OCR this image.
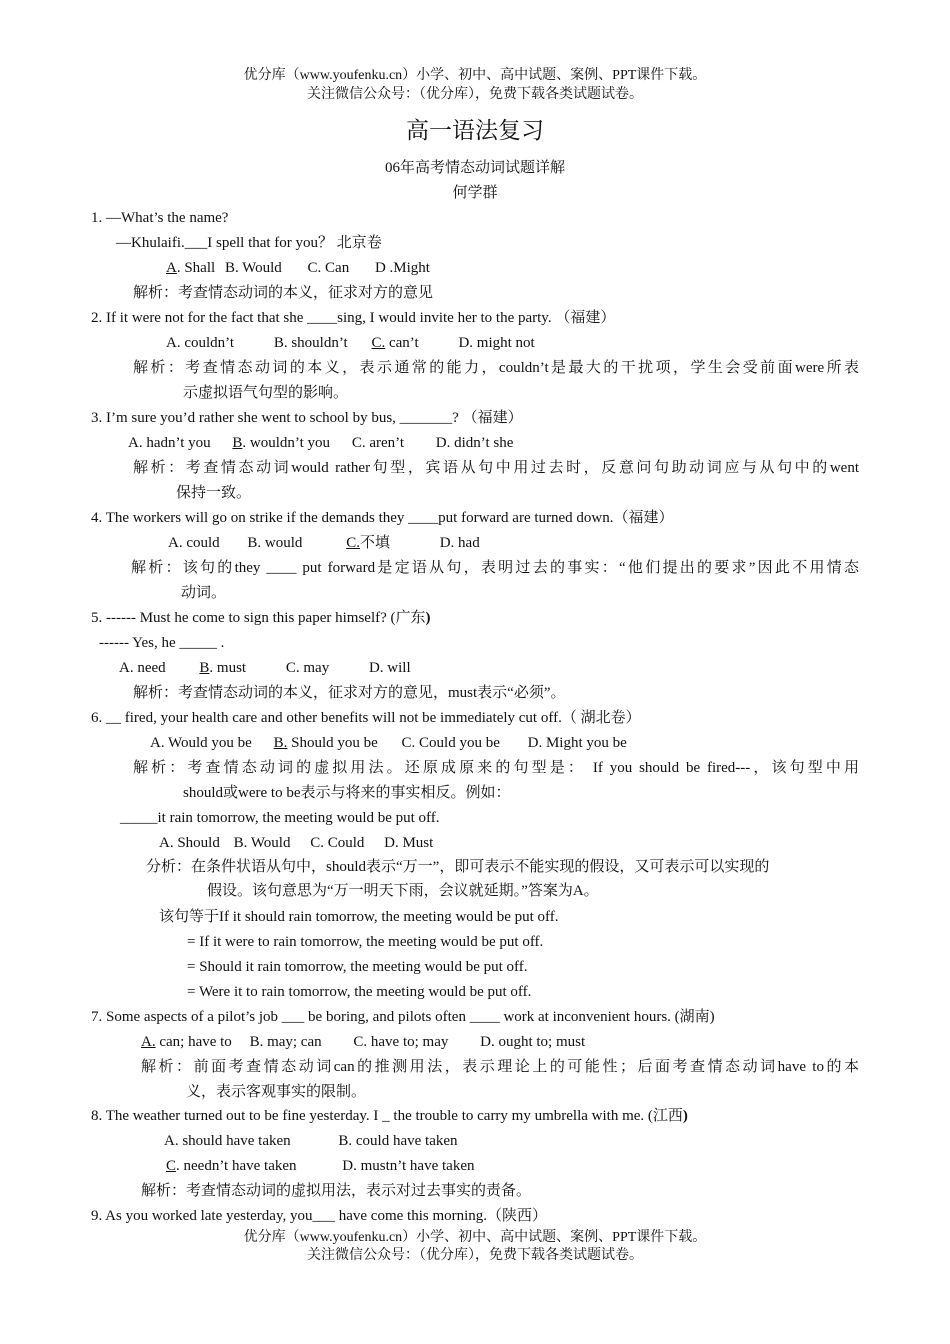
优分库（www.youfenku.cn）小学、初中、高中试题、案例、PPT课件下载。
关注微信公众号：（优分库），免费下载各类试题试卷。
高一语法复习
06年高考情态动词试题详解
何学群
1. —What’s the name?
—Khulaifi.___I spell that for you？ 北京卷
A. Shall B. Would C. Can D .Might
解析：考查情态动词的本义，征求对方的意见
2. If it were not for the fact that she ____sing, I would invite her to the party. （福建）
A. couldn’t	B. shouldn’t C. can’t	D. might not
解析：考查情态动词的本义，表示通常的能力，couldn’t是最大的干扰项，学生会受前面were所表
示虚拟语气句型的影响。
3. I’m sure you’d rather she went to school by bus, _______? （福建）
A. hadn’t you B. wouldn’t you C. aren’t D. didn’t she
解析：考查情态动词would rather句型，宾语从句中用过去时，反意问句助动词应与从句中的went
保持一致。
4. The workers will go on strike if the demands they ____put forward are turned down.（福建）
A. could B. would	C.不填	D. had
解析：该句的they ____ put forward是定语从句，表明过去的事实：“他们提出的要求”因此不用情态
动词。
5. ------ Must he come to sign this paper himself? (广东)
------ Yes, he _____ .
A. need B. must	C. may	D. will
解析：考查情态动词的本义，征求对方的意见，must表示“必须”。
6. __ fired, your health care and other benefits will not be immediately cut off.（ 湖北卷）
A. Would you be B. Should you be C. Could you be D. Might you be
解析：考查情态动词的虚拟用法。还原成原来的句型是： If you should be fired---，该句型中用
should或were to be表示与将来的事实相反。例如：
_____it rain tomorrow, the meeting would be put off.
A. Should B. Would C. Could D. Must
分析：在条件状语从句中，should表示“万一”，即可表示不能实现的假设，又可表示可以实现的
假设。该句意思为“万一明天下雨，会议就延期。”答案为A。
该句等于If it should rain tomorrow, the meeting would be put off.
= If it were to rain tomorrow, the meeting would be put off.
= Should it rain tomorrow, the meeting would be put off.
= Were it to rain tomorrow, the meeting would be put off.
7. Some aspects of a pilot’s job ___ be boring, and pilots often ____ work at inconvenient hours. (湖南)
A. can; have to B. may; can C. have to; may D. ought to; must
解析：前面考查情态动词can的推测用法，表示理论上的可能性；后面考查情态动词have to的本
义，表示客观事实的限制。
8. The weather turned out to be fine yesterday. I _ the trouble to carry my umbrella with me. (江西)
A. should have taken	B. could have taken
C. needn’t have taken	D. mustn’t have taken
解析：考查情态动词的虚拟用法，表示对过去事实的责备。
9. As you worked late yesterday, you___ have come this morning.（陕西）
优分库（www.youfenku.cn）小学、初中、高中试题、案例、PPT课件下载。
关注微信公众号：（优分库），免费下载各类试题试卷。
